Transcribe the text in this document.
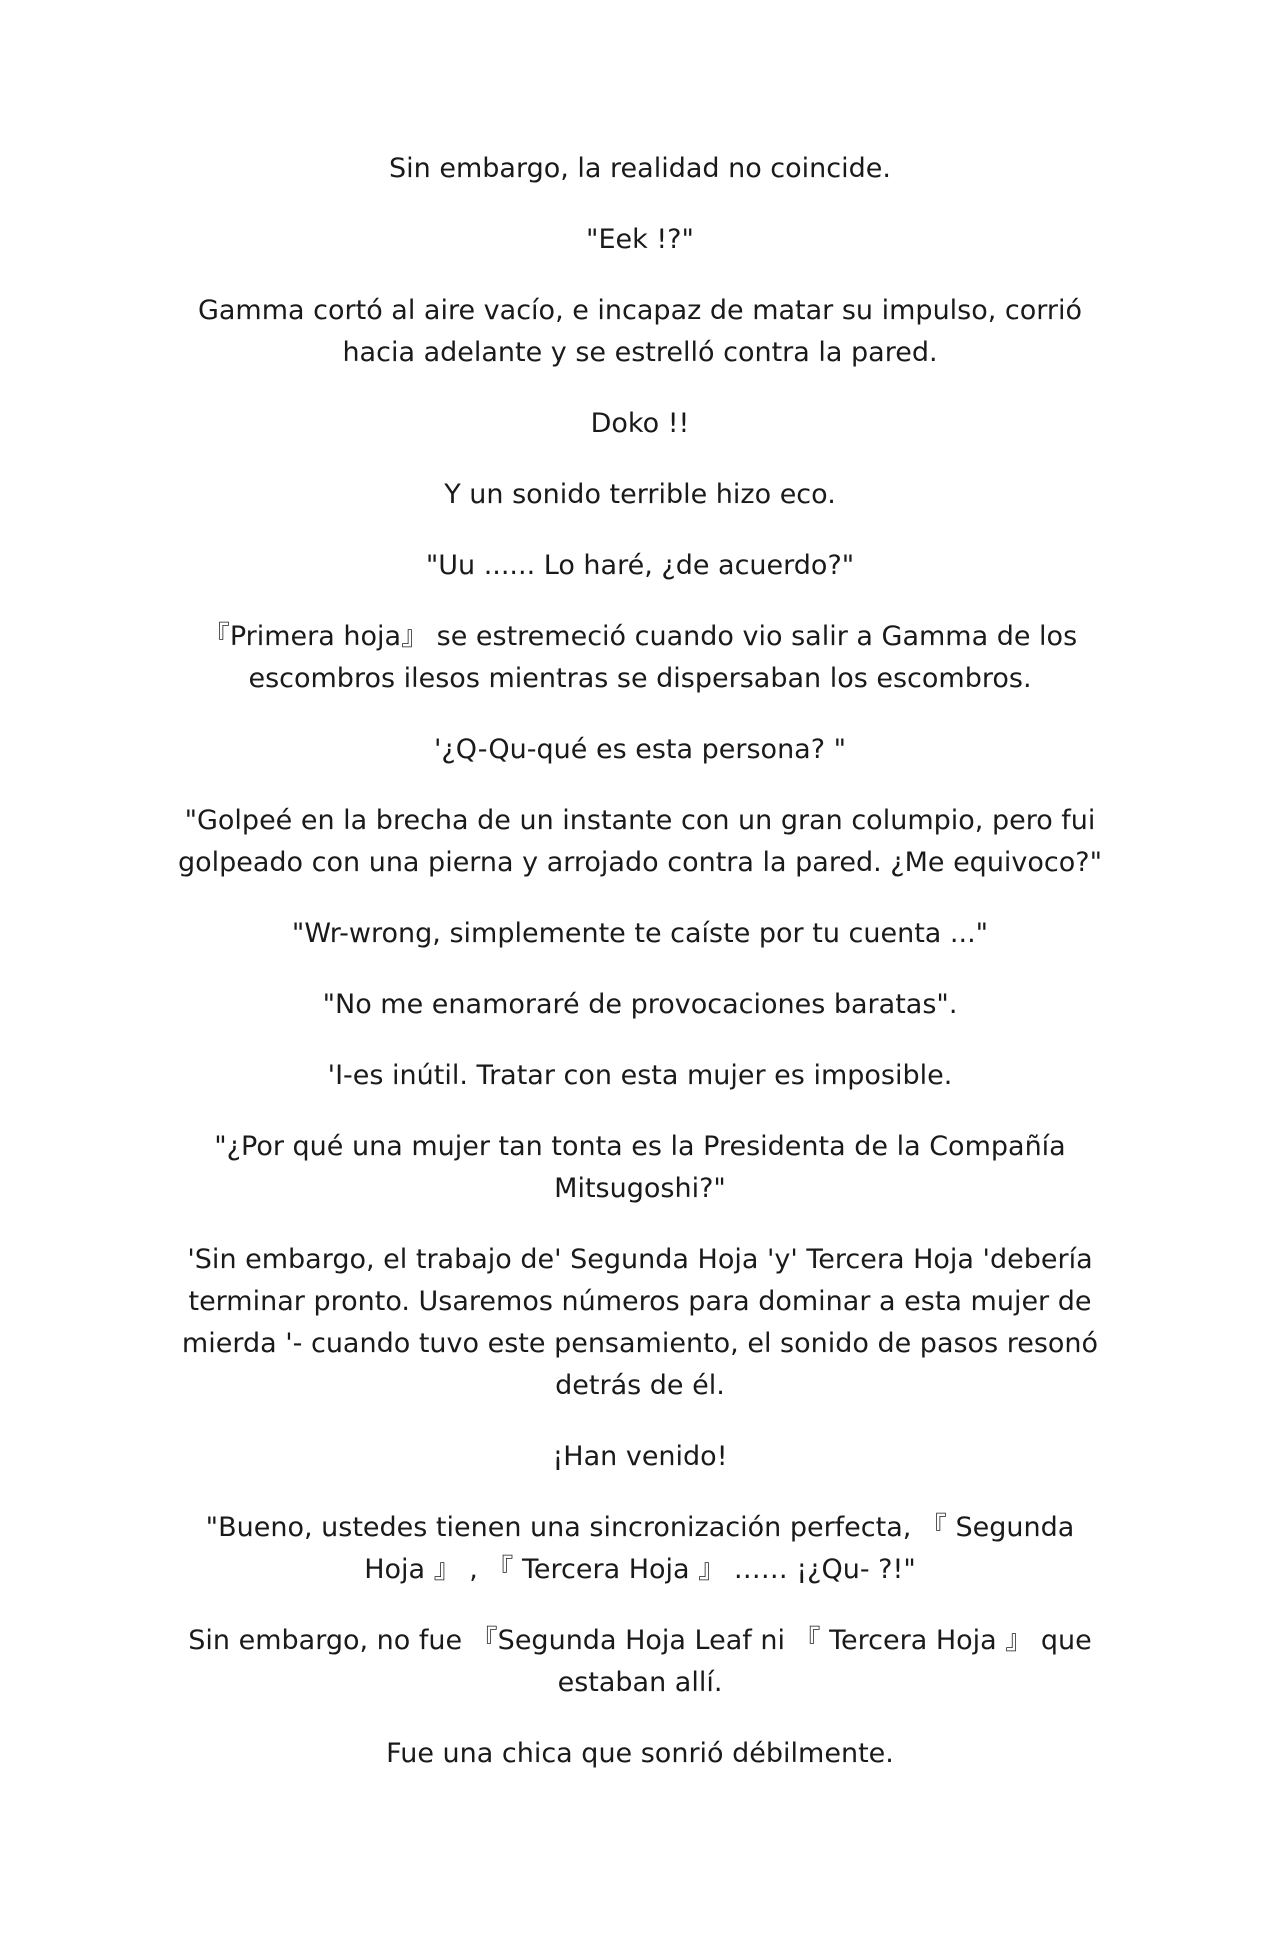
Sin embargo, la realidad no coincide.

"Eek !?"

Gamma cortó al aire vacío, e incapaz de matar su impulso, corrió hacia adelante y se estrelló contra la pared.

Doko !!

Y un sonido terrible hizo eco.

"Uu ...... Lo haré, ¿de acuerdo?"

『Primera hoja』 se estremeció cuando vio salir a Gamma de los escombros ilesos mientras se dispersaban los escombros.

'¿Q-Qu-qué es esta persona? "

"Golpeé en la brecha de un instante con un gran columpio, pero fui golpeado con una pierna y arrojado contra la pared. ¿Me equivoco?"

"Wr-wrong, simplemente te caíste por tu cuenta ..."

"No me enamoraré de provocaciones baratas".

'I-es inútil. Tratar con esta mujer es imposible.

"¿Por qué una mujer tan tonta es la Presidenta de la Compañía Mitsugoshi?"

'Sin embargo, el trabajo de' Segunda Hoja 'y' Tercera Hoja 'debería terminar pronto. Usaremos números para dominar a esta mujer de mierda '- cuando tuvo este pensamiento, el sonido de pasos resonó detrás de él.

¡Han venido!

"Bueno, ustedes tienen una sincronización perfecta, 『 Segunda Hoja 』 , 『 Tercera Hoja 』 …… ¡¿Qu- ?!"

Sin embargo, no fue 『Segunda Hoja Leaf ni 『 Tercera Hoja 』 que estaban allí.

Fue una chica que sonrió débilmente.
